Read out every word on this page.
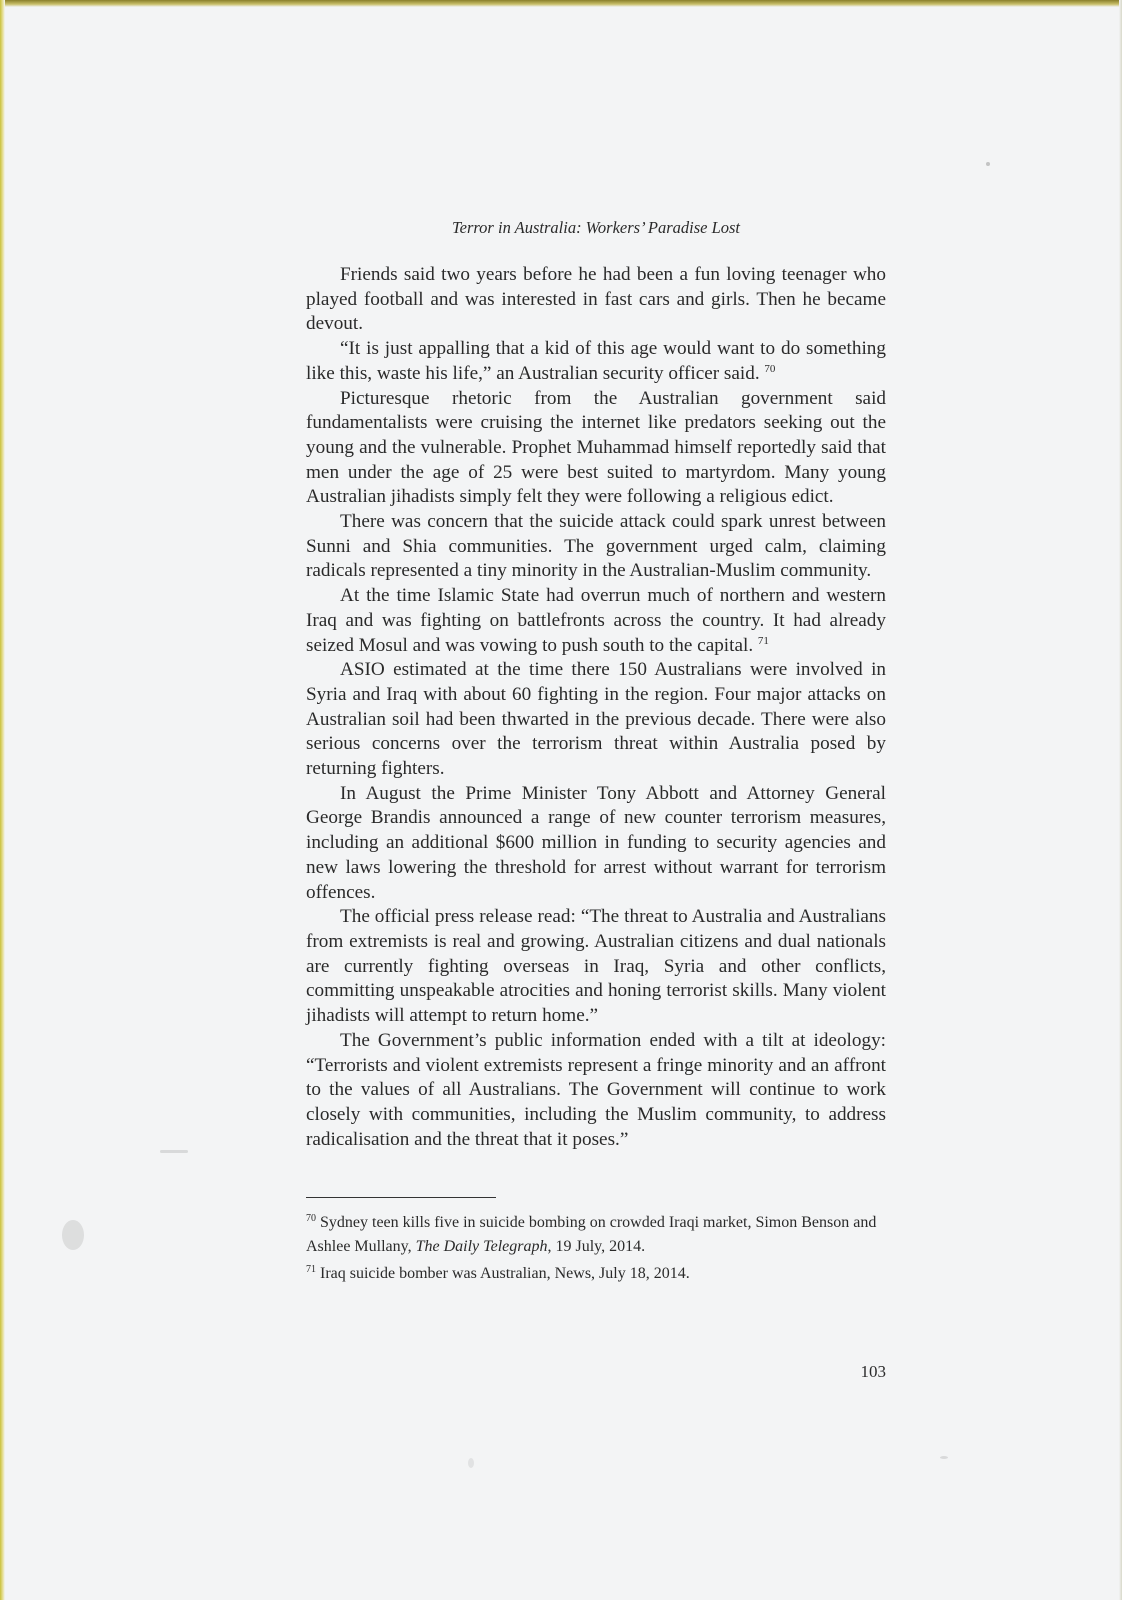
Terror in Australia: Workers’ Paradise Lost

Friends said two years before he had been a fun loving teenager who played football and was interested in fast cars and girls. Then he became devout.

“It is just appalling that a kid of this age would want to do something like this, waste his life,” an Australian security officer said. $^{70}$

Picturesque rhetoric from the Australian government said fundamentalists were cruising the internet like predators seeking out the young and the vulnerable. Prophet Muhammad himself reportedly said that men under the age of 25 were best suited to martyrdom. Many young Australian jihadists simply felt they were following a religious edict.

There was concern that the suicide attack could spark unrest between Sunni and Shia communities. The government urged calm, claiming radicals represented a tiny minority in the Australian-Muslim community.

At the time Islamic State had overrun much of northern and western Iraq and was fighting on battlefronts across the country. It had already seized Mosul and was vowing to push south to the capital. $^{71}$

ASIO estimated at the time there 150 Australians were involved in Syria and Iraq with about 60 fighting in the region. Four major attacks on Australian soil had been thwarted in the previous decade. There were also serious concerns over the terrorism threat within Australia posed by returning fighters.

In August the Prime Minister Tony Abbott and Attorney General George Brandis announced a range of new counter terrorism measures, including an additional $600 million in funding to security agencies and new laws lowering the threshold for arrest without warrant for terrorism offences.

The official press release read: “The threat to Australia and Australians from extremists is real and growing. Australian citizens and dual nationals are currently fighting overseas in Iraq, Syria and other conflicts, committing unspeakable atrocities and honing terrorist skills. Many violent jihadists will attempt to return home.”

The Government’s public information ended with a tilt at ideology: “Terrorists and violent extremists represent a fringe minority and an affront to the values of all Australians. The Government will continue to work closely with communities, including the Muslim community, to address radicalisation and the threat that it poses.”

$^{70}$ Sydney teen kills five in suicide bombing on crowded Iraqi market, Simon Benson and Ashlee Mullany, The Daily Telegraph, 19 July, 2014.

$^{71}$ Iraq suicide bomber was Australian, News, July 18, 2014.

103
